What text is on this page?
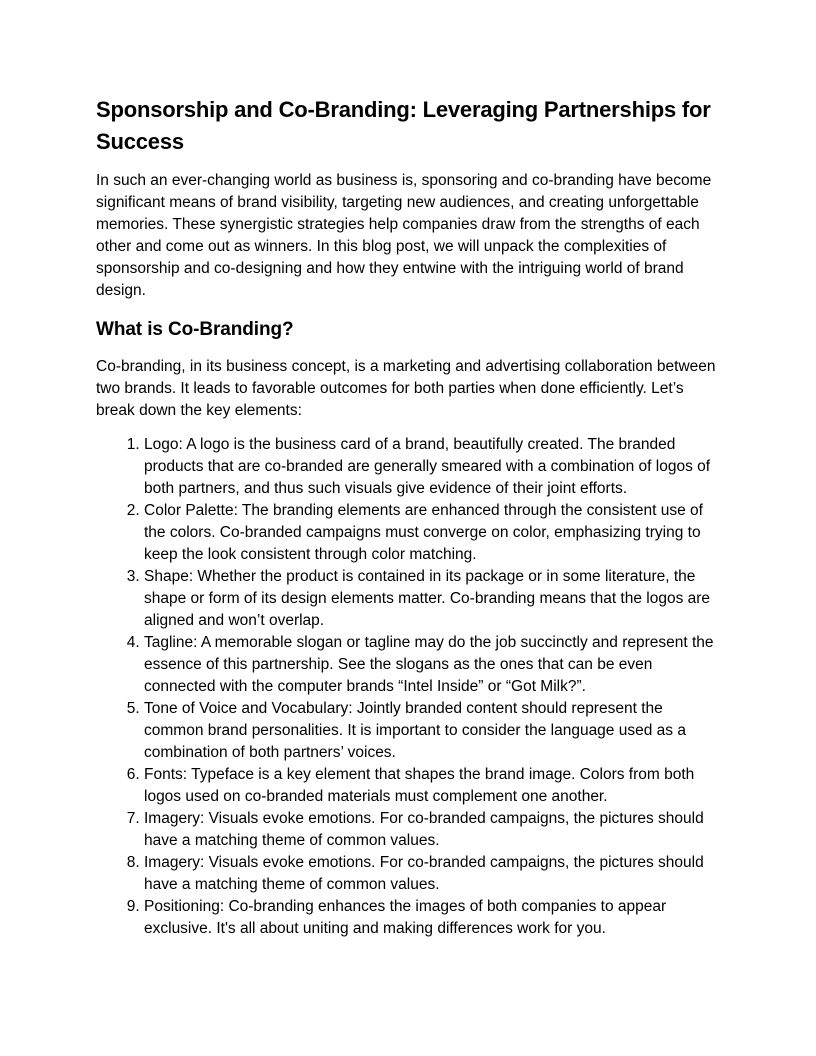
Sponsorship and Co-Branding: Leveraging Partnerships for Success

In such an ever-changing world as business is, sponsoring and co-branding have become significant means of brand visibility, targeting new audiences, and creating unforgettable memories. These synergistic strategies help companies draw from the strengths of each other and come out as winners. In this blog post, we will unpack the complexities of sponsorship and co-designing and how they entwine with the intriguing world of brand design.

What is Co-Branding?

Co-branding, in its business concept, is a marketing and advertising collaboration between two brands. It leads to favorable outcomes for both parties when done efficiently. Let’s break down the key elements:

1. Logo: A logo is the business card of a brand, beautifully created. The branded products that are co-branded are generally smeared with a combination of logos of both partners, and thus such visuals give evidence of their joint efforts.
2. Color Palette: The branding elements are enhanced through the consistent use of the colors. Co-branded campaigns must converge on color, emphasizing trying to keep the look consistent through color matching.
3. Shape: Whether the product is contained in its package or in some literature, the shape or form of its design elements matter. Co-branding means that the logos are aligned and won’t overlap.
4. Tagline: A memorable slogan or tagline may do the job succinctly and represent the essence of this partnership. See the slogans as the ones that can be even connected with the computer brands “Intel Inside” or “Got Milk?”.
5. Tone of Voice and Vocabulary: Jointly branded content should represent the common brand personalities. It is important to consider the language used as a combination of both partners’ voices.
6. Fonts: Typeface is a key element that shapes the brand image. Colors from both logos used on co-branded materials must complement one another.
7. Imagery: Visuals evoke emotions. For co-branded campaigns, the pictures should have a matching theme of common values.
8. Imagery: Visuals evoke emotions. For co-branded campaigns, the pictures should have a matching theme of common values.
9. Positioning: Co-branding enhances the images of both companies to appear exclusive. It's all about uniting and making differences work for you.
